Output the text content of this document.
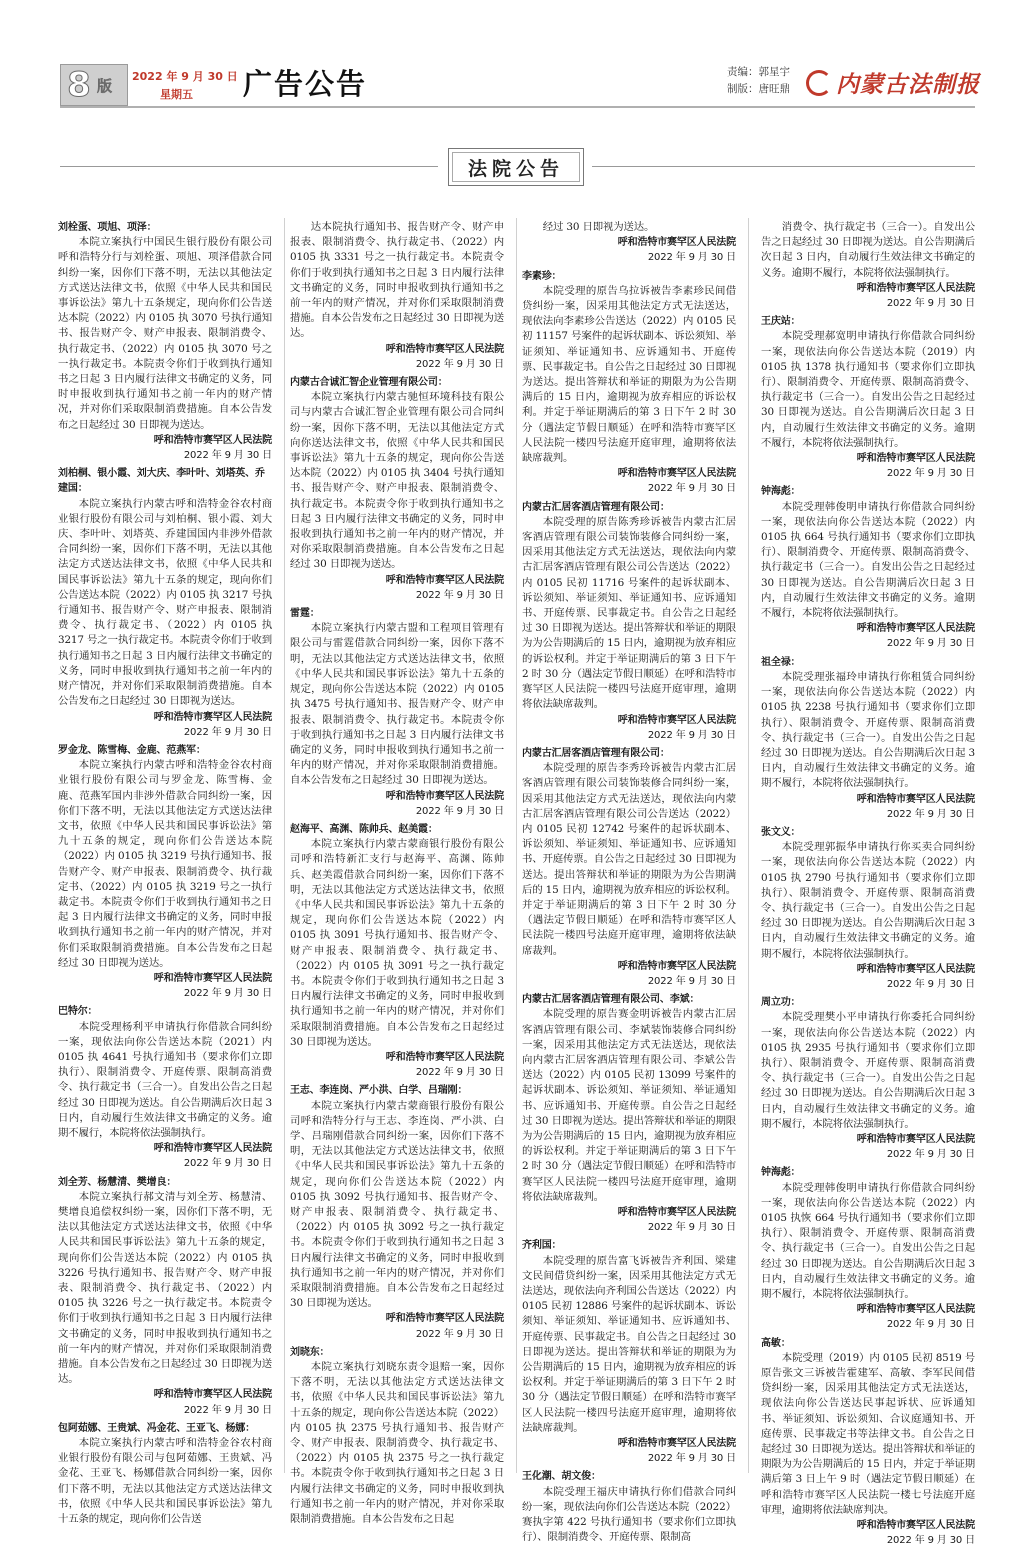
8 版 2022 年 9 月 30 日
星期五	广告公告	责编：郭星宇
制版：唐旺鼎 内蒙古法制报
法院公告

刘栓蛋、项旭、项泽：

本院立案执行中国民生银行股份有限公司呼和浩特分行与刘栓蛋、项旭、项泽借款合同纠纷一案，因你们下落不明，无法以其他法定方式送达法律文书，依照《中华人民共和国民事诉讼法》第九十五条规定，现向你们公告送达本院（2022）内 0105 执 3070 号执行通知书、报告财产令、财产申报表、限制消费令、执行裁定书、（2022）内 0105 执 3070 号之一执行裁定书。本院责令你们于收到执行通知书之日起 3 日内履行法律文书确定的义务，同时申报收到执行通知书之前一年内的财产情况，并对你们采取限制消费措施。自本公告发布之日起经过 30 日即视为送达。

呼和浩特市赛罕区人民法院

2022 年 9 月 30 日

刘柏桐、银小霞、刘大庆、李叶叶、刘塔英、乔建国：

本院立案执行内蒙古呼和浩特金谷农村商业银行股份有限公司与刘柏桐、银小霞、刘大庆、李叶叶、刘塔英、乔建国国内非涉外借款合同纠纷一案，因你们下落不明，无法以其他法定方式送达法律文书，依照《中华人民共和国民事诉讼法》第九十五条的规定，现向你们公告送达本院（2022）内 0105 执 3217 号执行通知书、报告财产令、财产申报表、限制消费令、执行裁定书、（2022）内 0105 执 3217 号之一执行裁定书。本院责令你们于收到执行通知书之日起 3 日内履行法律文书确定的义务，同时申报收到执行通知书之前一年内的财产情况，并对你们采取限制消费措施。自本公告发布之日起经过 30 日即视为送达。

呼和浩特市赛罕区人民法院

2022 年 9 月 30 日

罗金龙、陈雪梅、金鹿、范燕军：

本院立案执行内蒙古呼和浩特金谷农村商业银行股份有限公司与罗金龙、陈雪梅、金鹿、范燕军国内非涉外借款合同纠纷一案，因你们下落不明，无法以其他法定方式送达法律文书，依照《中华人民共和国民事诉讼法》第九十五条的规定，现向你们公告送达本院（2022）内 0105 执 3219 号执行通知书、报告财产令、财产申报表、限制消费令、执行裁定书、（2022）内 0105 执 3219 号之一执行裁定书。本院责令你们于收到执行通知书之日起 3 日内履行法律文书确定的义务，同时申报收到执行通知书之前一年内的财产情况，并对你们采取限制消费措施。自本公告发布之日起经过 30 日即视为送达。

呼和浩特市赛罕区人民法院

2022 年 9 月 30 日

巴特尔：

本院受理杨利平申请执行你借款合同纠纷一案，现依法向你公告送达本院（2021）内 0105 执 4641 号执行通知书（要求你们立即执行）、限制消费令、开庭传票、限制高消费令、执行裁定书（三合一）。自发出公告之日起经过 30 日即视为送达。自公告期满后次日起 3 日内，自动履行生效法律文书确定的义务。逾期不履行，本院将依法强制执行。

呼和浩特市赛罕区人民法院

2022 年 9 月 30 日

刘全芳、杨慧清、樊增良：

本院立案执行郝文清与刘全芳、杨慧清、樊增良追偿权纠纷一案，因你们下落不明，无法以其他法定方式送达法律文书，依照《中华人民共和国民事诉讼法》第九十五条的规定，现向你们公告送达本院（2022）内 0105 执 3226 号执行通知书、报告财产令、财产申报表、限制消费令、执行裁定书、（2022）内 0105 执 3226 号之一执行裁定书。本院责令你们于收到执行通知书之日起 3 日内履行法律文书确定的义务，同时申报收到执行通知书之前一年内的财产情况，并对你们采取限制消费措施。自本公告发布之日起经过 30 日即视为送达。

呼和浩特市赛罕区人民法院

2022 年 9 月 30 日

包阿茹娜、王贵斌、冯金花、王亚飞、杨娜：

本院立案执行内蒙古呼和浩特金谷农村商业银行股份有限公司与包阿茹娜、王贵斌、冯金花、王亚飞、杨娜借款合同纠纷一案，因你们下落不明，无法以其他法定方式送达法律文书，依照《中华人民共和国民事诉讼法》第九十五条的规定，现向你们公告送

达本院执行通知书、报告财产令、财产申报表、限制消费令、执行裁定书、（2022）内 0105 执 3331 号之一执行裁定书。本院责令你们于收到执行通知书之日起 3 日内履行法律文书确定的义务，同时申报收到执行通知书之前一年内的财产情况，并对你们采取限制消费措施。自本公告发布之日起经过 30 日即视为送达。

呼和浩特市赛罕区人民法院

2022 年 9 月 30 日

内蒙古合诚汇智企业管理有限公司：

本院立案执行内蒙古驰恒环境科技有限公司与内蒙古合诚汇智企业管理有限公司合同纠纷一案，因你下落不明，无法以其他法定方式向你送达法律文书，依照《中华人民共和国民事诉讼法》第九十五条的规定，现向你公告送达本院（2022）内 0105 执 3404 号执行通知书、报告财产令、财产申报表、限制消费令、执行裁定书。本院责令你于收到执行通知书之日起 3 日内履行法律文书确定的义务，同时申报收到执行通知书之前一年内的财产情况，并对你采取限制消费措施。自本公告发布之日起经过 30 日即视为送达。

呼和浩特市赛罕区人民法院

2022 年 9 月 30 日

雷霆：

本院立案执行内蒙古盟和工程项目管理有限公司与雷霆借款合同纠纷一案，因你下落不明，无法以其他法定方式送达法律文书，依照《中华人民共和国民事诉讼法》第九十五条的规定，现向你公告送达本院（2022）内 0105 执 3475 号执行通知书、报告财产令、财产申报表、限制消费令、执行裁定书。本院责令你于收到执行通知书之日起 3 日内履行法律文书确定的义务，同时申报收到执行通知书之前一年内的财产情况，并对你采取限制消费措施。自本公告发布之日起经过 30 日即视为送达。

呼和浩特市赛罕区人民法院

2022 年 9 月 30 日

赵海平、高渊、陈帅兵、赵美霞：

本院立案执行内蒙古蒙商银行股份有限公司呼和浩特新汇支行与赵海平、高渊、陈帅兵、赵美霞借款合同纠纷一案，因你们下落不明，无法以其他法定方式送达法律文书，依照《中华人民共和国民事诉讼法》第九十五条的规定，现向你们公告送达本院（2022）内 0105 执 3091 号执行通知书、报告财产令、财产申报表、限制消费令、执行裁定书、（2022）内 0105 执 3091 号之一执行裁定书。本院责令你们于收到执行通知书之日起 3 日内履行法律文书确定的义务，同时申报收到执行通知书之前一年内的财产情况，并对你们采取限制消费措施。自本公告发布之日起经过 30 日即视为送达。

呼和浩特市赛罕区人民法院

2022 年 9 月 30 日

王志、李连岗、严小洪、白学、吕瑞刚：

本院立案执行内蒙古蒙商银行股份有限公司呼和浩特分行与王志、李连岗、严小洪、白学、吕瑞刚借款合同纠纷一案，因你们下落不明，无法以其他法定方式送达法律文书，依照《中华人民共和国民事诉讼法》第九十五条的规定，现向你们公告送达本院（2022）内 0105 执 3092 号执行通知书、报告财产令、财产申报表、限制消费令、执行裁定书、（2022）内 0105 执 3092 号之一执行裁定书。本院责令你们于收到执行通知书之日起 3 日内履行法律文书确定的义务，同时申报收到执行通知书之前一年内的财产情况，并对你们采取限制消费措施。自本公告发布之日起经过 30 日即视为送达。

呼和浩特市赛罕区人民法院

2022 年 9 月 30 日

刘晓东：

本院立案执行刘晓东责令退赔一案，因你下落不明，无法以其他法定方式送达法律文书，依照《中华人民共和国民事诉讼法》第九十五条的规定，现向你公告送达本院（2022）内 0105 执 2375 号执行通知书、报告财产令、财产申报表、限制消费令、执行裁定书、（2022）内 0105 执 2375 号之一执行裁定书。本院责令你于收到执行通知书之日起 3 日内履行法律文书确定的义务，同时申报收到执行通知书之前一年内的财产情况，并对你采取限制消费措施。自本公告发布之日起

经过 30 日即视为送达。

呼和浩特市赛罕区人民法院

2022 年 9 月 30 日

李素珍：

本院受理的原告乌拉诉被告李素珍民间借贷纠纷一案，因采用其他法定方式无法送达，现依法向李素珍公告送达（2022）内 0105 民初 11157 号案件的起诉状副本、诉讼须知、举证须知、举证通知书、应诉通知书、开庭传票、民事裁定书。自公告之日起经过 30 日即视为送达。提出答辩状和举证的期限为为公告期满后的 15 日内，逾期视为放弃相应的诉讼权利。并定于举证期满后的第 3 日下午 2 时 30 分（遇法定节假日顺延）在呼和浩特市赛罕区人民法院一楼四号法庭开庭审理，逾期将依法缺席裁判。

呼和浩特市赛罕区人民法院

2022 年 9 月 30 日

内蒙古汇居客酒店管理有限公司：

本院受理的原告陈秀珍诉被告内蒙古汇居客酒店管理有限公司装饰装修合同纠纷一案，因采用其他法定方式无法送达，现依法向内蒙古汇居客酒店管理有限公司公告送达（2022）内 0105 民初 11716 号案件的起诉状副本、诉讼须知、举证须知、举证通知书、应诉通知书、开庭传票、民事裁定书。自公告之日起经过 30 日即视为送达。提出答辩状和举证的期限为为公告期满后的 15 日内，逾期视为放弃相应的诉讼权利。并定于举证期满后的第 3 日下午 2 时 30 分（遇法定节假日顺延）在呼和浩特市赛罕区人民法院一楼四号法庭开庭审理，逾期将依法缺席裁判。

呼和浩特市赛罕区人民法院

2022 年 9 月 30 日

内蒙古汇居客酒店管理有限公司：

本院受理的原告李秀玲诉被告内蒙古汇居客酒店管理有限公司装饰装修合同纠纷一案，因采用其他法定方式无法送达，现依法向内蒙古汇居客酒店管理有限公司公告送达（2022）内 0105 民初 12742 号案件的起诉状副本、诉讼须知、举证须知、举证通知书、应诉通知书、开庭传票。自公告之日起经过 30 日即视为送达。提出答辩状和举证的期限为为公告期满后的 15 日内，逾期视为放弃相应的诉讼权利。并定于举证期满后的第 3 日下午 2 时 30 分（遇法定节假日顺延）在呼和浩特市赛罕区人民法院一楼四号法庭开庭审理，逾期将依法缺席裁判。

呼和浩特市赛罕区人民法院

2022 年 9 月 30 日

内蒙古汇居客酒店管理有限公司、李斌：

本院受理的原告赛金明诉被告内蒙古汇居客酒店管理有限公司、李斌装饰装修合同纠纷一案，因采用其他法定方式无法送达，现依法向内蒙古汇居客酒店管理有限公司、李斌公告送达（2022）内 0105 民初 13099 号案件的起诉状副本、诉讼须知、举证须知、举证通知书、应诉通知书、开庭传票。自公告之日起经过 30 日即视为送达。提出答辩状和举证的期限为为公告期满后的 15 日内，逾期视为放弃相应的诉讼权利。并定于举证期满后的第 3 日下午 2 时 30 分（遇法定节假日顺延）在呼和浩特市赛罕区人民法院一楼四号法庭开庭审理，逾期将依法缺席裁判。

呼和浩特市赛罕区人民法院

2022 年 9 月 30 日

齐利国：

本院受理的原告富飞诉被告齐利国、梁建文民间借贷纠纷一案，因采用其他法定方式无法送达，现依法向齐利国公告送达（2022）内 0105 民初 12886 号案件的起诉状副本、诉讼须知、举证须知、举证通知书、应诉通知书、开庭传票、民事裁定书。自公告之日起经过 30 日即视为送达。提出答辩状和举证的期限为为公告期满后的 15 日内，逾期视为放弃相应的诉讼权利。并定于举证期满后的第 3 日下午 2 时 30 分（遇法定节假日顺延）在呼和浩特市赛罕区人民法院一楼四号法庭开庭审理，逾期将依法缺席裁判。

呼和浩特市赛罕区人民法院

2022 年 9 月 30 日

王化潮、胡文俊：

本院受理王福庆申请执行你们借款合同纠纷一案，现依法向你们公告送达本院（2022）赛执字第 422 号执行通知书（要求你们立即执行）、限制消费令、开庭传票、限制高

消费令、执行裁定书（三合一）。自发出公告之日起经过 30 日即视为送达。自公告期满后次日起 3 日内，自动履行生效法律文书确定的义务。逾期不履行，本院将依法强制执行。

呼和浩特市赛罕区人民法院

2022 年 9 月 30 日

王庆站：

本院受理郝宽明申请执行你借款合同纠纷一案，现依法向你公告送达本院（2019）内 0105 执 1378 执行通知书（要求你们立即执行）、限制消费令、开庭传票、限制高消费令、执行裁定书（三合一）。自发出公告之日起经过 30 日即视为送达。自公告期满后次日起 3 日内，自动履行生效法律文书确定的义务。逾期不履行，本院将依法强制执行。

呼和浩特市赛罕区人民法院

2022 年 9 月 30 日

钟海彪：

本院受理韩俊明申请执行你借款合同纠纷一案，现依法向你公告送达本院（2022）内 0105 执 664 号执行通知书（要求你们立即执行）、限制消费令、开庭传票、限制高消费令、执行裁定书（三合一）。自发出公告之日起经过 30 日即视为送达。自公告期满后次日起 3 日内，自动履行生效法律文书确定的义务。逾期不履行，本院将依法强制执行。

呼和浩特市赛罕区人民法院

2022 年 9 月 30 日

祖全禄：

本院受理张福玲申请执行你租赁合同纠纷一案，现依法向你公告送达本院（2022）内 0105 执 2238 号执行通知书（要求你们立即执行）、限制消费令、开庭传票、限制高消费令、执行裁定书（三合一）。自发出公告之日起经过 30 日即视为送达。自公告期满后次日起 3 日内，自动履行生效法律文书确定的义务。逾期不履行，本院将依法强制执行。

呼和浩特市赛罕区人民法院

2022 年 9 月 30 日

张文义：

本院受理郭振华申请执行你买卖合同纠纷一案，现依法向你公告送达本院（2022）内 0105 执 2790 号执行通知书（要求你们立即执行）、限制消费令、开庭传票、限制高消费令、执行裁定书（三合一）。自发出公告之日起经过 30 日即视为送达。自公告期满后次日起 3 日内，自动履行生效法律文书确定的义务。逾期不履行，本院将依法强制执行。

呼和浩特市赛罕区人民法院

2022 年 9 月 30 日

周立功：

本院受理樊小平申请执行你委托合同纠纷一案，现依法向你公告送达本院（2022）内 0105 执 2935 号执行通知书（要求你们立即执行）、限制消费令、开庭传票、限制高消费令、执行裁定书（三合一）。自发出公告之日起经过 30 日即视为送达。自公告期满后次日起 3 日内，自动履行生效法律文书确定的义务。逾期不履行，本院将依法强制执行。

呼和浩特市赛罕区人民法院

2022 年 9 月 30 日

钟海彪：

本院受理韩俊明申请执行你借款合同纠纷一案，现依法向你公告送达本院（2022）内 0105 执恢 664 号执行通知书（要求你们立即执行）、限制消费令、开庭传票、限制高消费令、执行裁定书（三合一）。自发出公告之日起经过 30 日即视为送达。自公告期满后次日起 3 日内，自动履行生效法律文书确定的义务。逾期不履行，本院将依法强制执行。

呼和浩特市赛罕区人民法院

2022 年 9 月 30 日

高敏：

本院受理（2019）内 0105 民初 8519 号原告张文三诉被告霍建军、高敏、李军民间借贷纠纷一案，因采用其他法定方式无法送达，现依法向你公告送达民事起诉状、应诉通知书、举证须知、诉讼须知、合议庭通知书、开庭传票、民事裁定书等法律文书。自公告之日起经过 30 日即视为送达。提出答辩状和举证的期限为为公告期满后的 15 日内，并定于举证期满后第 3 日上午 9 时（遇法定节假日顺延）在呼和浩特市赛罕区人民法院一楼七号法庭开庭审理，逾期将依法缺席判决。

呼和浩特市赛罕区人民法院

2022 年 9 月 30 日
